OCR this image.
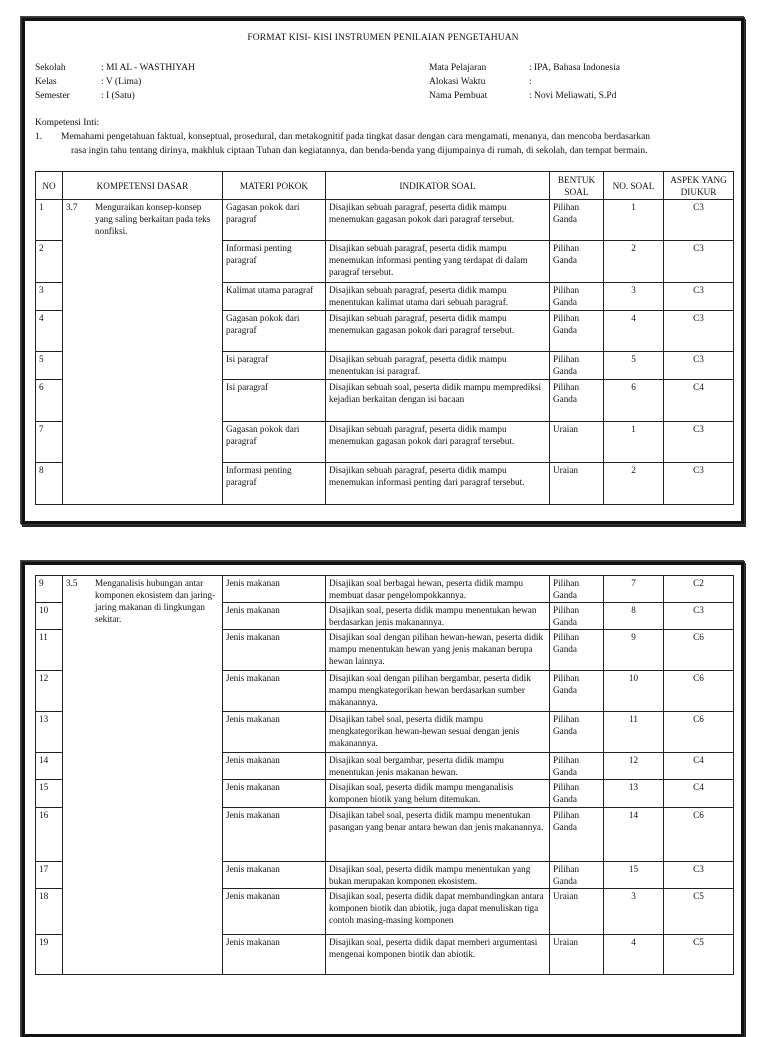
FORMAT KISI- KISI INSTRUMEN PENILAIAN PENGETAHUAN
Sekolah	: MI AL - WASTHIYAH
Kelas	: V (Lima)
Semester	: I (Satu)
Mata Pelajaran	: IPA, Bahasa Indonesia
Alokasi Waktu	:
Nama Pembuat	: Novi Meliawati, S.Pd
Kompetensi Inti:
1. Memahami pengetahuan faktual, konseptual, prosedural, dan metakognitif pada tingkat dasar dengan cara mengamati, menanya, dan mencoba berdasarkan
rasa ingin tahu tentang dirinya, makhluk ciptaan Tuhan dan kegiatannya, dan benda-benda yang dijumpainya di rumah, di sekolah, dan tempat bermain.
NO	KOMPETENSI DASAR	MATERI POKOK	INDIKATOR SOAL	BENTUK SOAL	NO. SOAL	ASPEK YANG DIUKUR
1	3.7 Menguraikan konsep-konsep yang saling berkaitan pada teks nonfiksi.	Gagasan pokok dari paragraf	Disajikan sebuah paragraf, peserta didik mampu menemukan gagasan pokok dari paragraf tersebut.	Pilihan Ganda	1	C3
2		Informasi penting paragraf	Disajikan sebuah paragraf, peserta didik mampu menemukan informasi penting yang terdapat di dalam paragraf tersebut.	Pilihan Ganda	2	C3
3		Kalimat utama paragraf	Disajikan sebuah paragraf, peserta didik mampu menentukan kalimat utama dari sebuah paragraf.	Pilihan Ganda	3	C3
4		Gagasan pokok dari paragraf	Disajikan sebuah paragraf, peserta didik mampu menemukan gagasan pokok dari paragraf tersebut.	Pilihan Ganda	4	C3
5		Isi paragraf	Disajikan sebuah paragraf, peserta didik mampu menentukan isi paragraf.	Pilihan Ganda	5	C3
6		Isi paragraf	Disajikan sebuah soal, peserta didik mampu memprediksi kejadian berkaitan dengan isi bacaan	Pilihan Ganda	6	C4
7		Gagasan pokok dari paragraf	Disajikan sebuah paragraf, peserta didik mampu menemukan gagasan pokok dari paragraf tersebut.	Uraian	1	C3
8		Informasi penting paragraf	Disajikan sebuah paragraf, peserta didik mampu menemukan informasi penting dari paragraf tersebut.	Uraian	2	C3
9	3.5 Menganalisis hubungan antar komponen ekosistem dan jaring-jaring makanan di lingkungan sekitar.	Jenis makanan	Disajikan soal berbagai hewan, peserta didik mampu membuat dasar pengelompokkannya.	Pilihan Ganda	7	C2
10		Jenis makanan	Disajikan soal, peserta didik mampu menentukan hewan berdasarkan jenis makanannya.	Pilihan Ganda	8	C3
11		Jenis makanan	Disajikan soal dengan pilihan hewan-hewan, peserta didik mampu menentukan hewan yang jenis makanan berupa hewan lainnya.	Pilihan Ganda	9	C6
12		Jenis makanan	Disajikan soal dengan pilihan bergambar, peserta didik mampu mengkategorikan hewan berdasarkan sumber makanannya.	Pilihan Ganda	10	C6
13		Jenis makanan	Disajikan tabel soal, peserta didik mampu mengkategorikan hewan-hewan sesuai dengan jenis makanannya.	Pilihan Ganda	11	C6
14		Jenis makanan	Disajikan soal bergambar, peserta didik mampu menentukan jenis makanan hewan.	Pilihan Ganda	12	C4
15		Jenis makanan	Disajikan soal, peserta didik mampu menganalisis komponen biotik yang belum ditemukan.	Pilihan Ganda	13	C4
16		Jenis makanan	Disajikan tabel soal, peserta didik mampu menentukan pasangan yang benar antara hewan dan jenis makanannya.	Pilihan Ganda	14	C6
17		Jenis makanan	Disajikan soal, peserta didik mampu menentukan yang bukan merupakan komponen ekosistem.	Pilihan Ganda	15	C3
18		Jenis makanan	Disajikan soal, peserta didik dapat membandingkan antara komponen biotik dan abiotik, juga dapat menuliskan tiga contoh masing-masing komponen	Uraian	3	C5
19		Jenis makanan	Disajikan soal, peserta didik dapat memberi argumentasi mengenai komponen biotik dan abiotik.	Uraian	4	C5
